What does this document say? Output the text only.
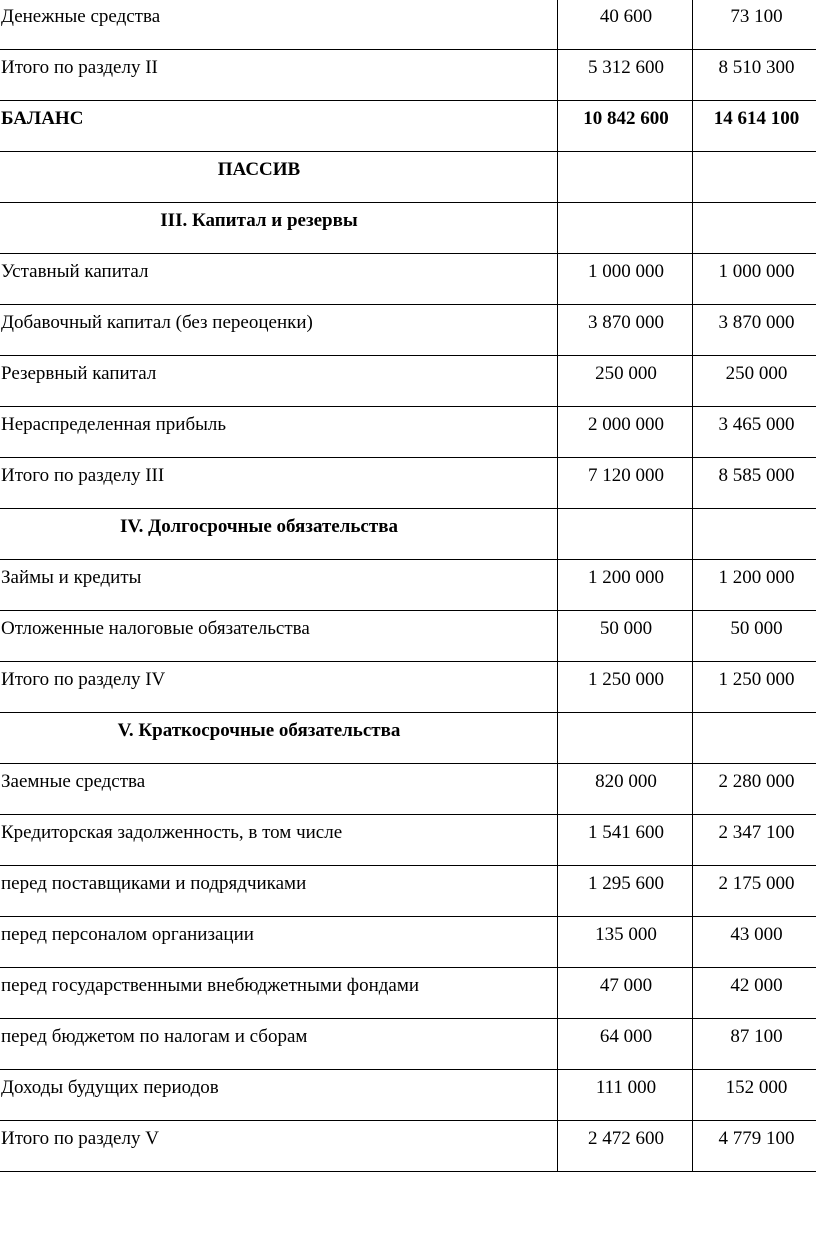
Денежные средства	40 600	73 100

Итого по разделу II	5 312 600	8 510 300

БАЛАНС	10 842 600	14 614 100

ПАССИВ		

III. Капитал и резервы		

Уставный капитал	1 000 000	1 000 000

Добавочный капитал (без переоценки)	3 870 000	3 870 000

Резервный капитал	250 000	250 000

Нераспределенная прибыль	2 000 000	3 465 000

Итого по разделу III	7 120 000	8 585 000

IV. Долгосрочные обязательства		

Займы и кредиты	1 200 000	1 200 000

Отложенные налоговые обязательства	50 000	50 000

Итого по разделу IV	1 250 000	1 250 000

V. Краткосрочные обязательства		

Заемные средства	820 000	2 280 000

Кредиторская задолженность, в том числе	1 541 600	2 347 100

перед поставщиками и подрядчиками	1 295 600	2 175 000

перед персоналом организации	135 000	43 000

перед государственными внебюджетными фондами	47 000	42 000

перед бюджетом по налогам и сборам	64 000	87 100

Доходы будущих периодов	111 000	152 000

Итого по разделу V	2 472 600	4 779 100
